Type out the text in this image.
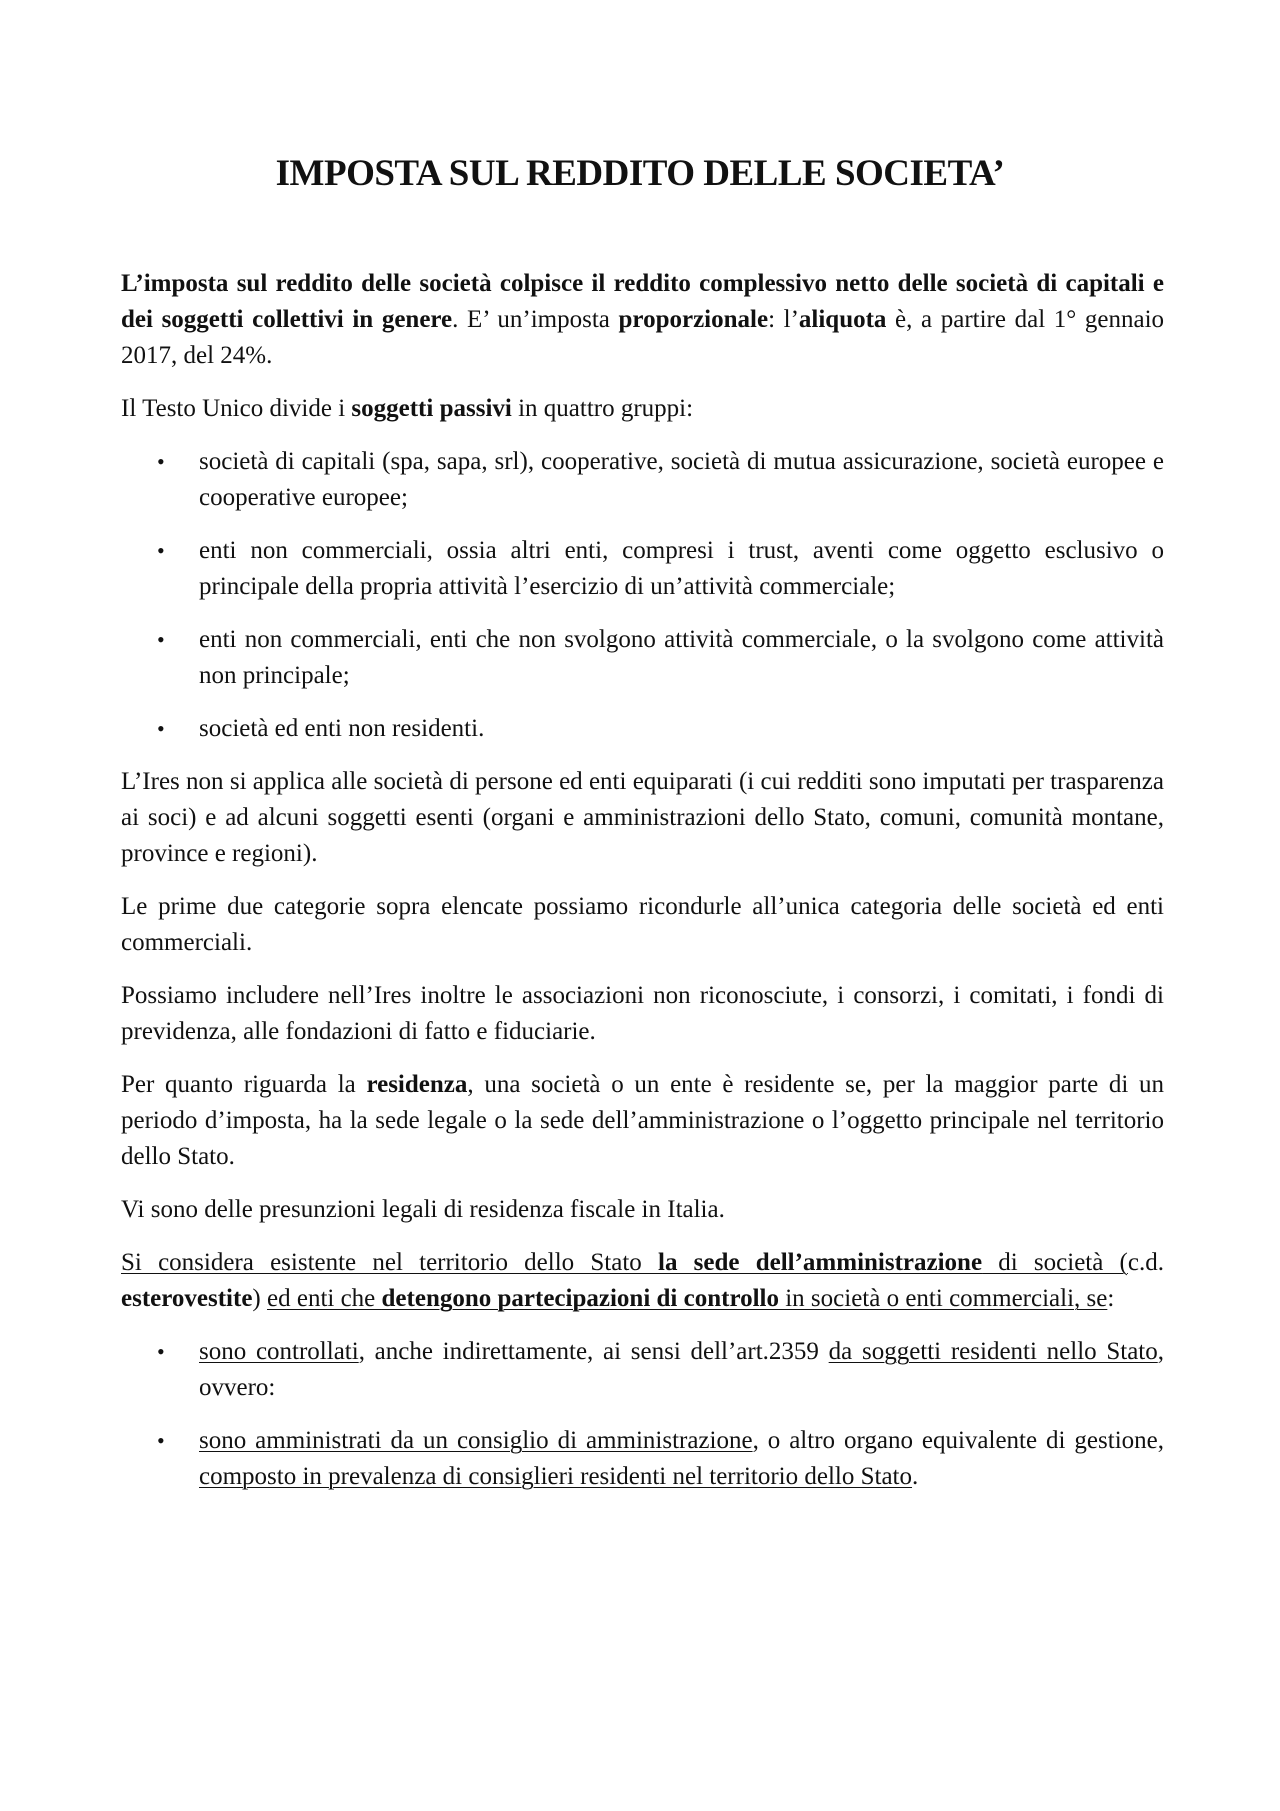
IMPOSTA SUL REDDITO DELLE SOCIETA’

L’imposta sul reddito delle società colpisce il reddito complessivo netto delle società di capitali e dei soggetti collettivi in genere. E’ un’imposta proporzionale: l’aliquota è, a partire dal 1° gennaio 2017, del 24%.

Il Testo Unico divide i soggetti passivi in quattro gruppi:

• società di capitali (spa, sapa, srl), cooperative, società di mutua assicurazione, società europee e cooperative europee;
• enti non commerciali, ossia altri enti, compresi i trust, aventi come oggetto esclusivo o principale della propria attività l’esercizio di un’attività commerciale;
• enti non commerciali, enti che non svolgono attività commerciale, o la svolgono come attività non principale;
• società ed enti non residenti.

L’Ires non si applica alle società di persone ed enti equiparati (i cui redditi sono imputati per trasparenza ai soci) e ad alcuni soggetti esenti (organi e amministrazioni dello Stato, comuni, comunità montane, province e regioni).

Le prime due categorie sopra elencate possiamo ricondurle all’unica categoria delle società ed enti commerciali.

Possiamo includere nell’Ires inoltre le associazioni non riconosciute, i consorzi, i comitati, i fondi di previdenza, alle fondazioni di fatto e fiduciarie.

Per quanto riguarda la residenza, una società o un ente è residente se, per la maggior parte di un periodo d’imposta, ha la sede legale o la sede dell’amministrazione o l’oggetto principale nel territorio dello Stato.

Vi sono delle presunzioni legali di residenza fiscale in Italia.

Si considera esistente nel territorio dello Stato la sede dell’amministrazione di società (c.d. esterovestite) ed enti che detengono partecipazioni di controllo in società o enti commerciali, se:

• sono controllati, anche indirettamente, ai sensi dell’art.2359 da soggetti residenti nello Stato, ovvero:
• sono amministrati da un consiglio di amministrazione, o altro organo equivalente di gestione, composto in prevalenza di consiglieri residenti nel territorio dello Stato.
